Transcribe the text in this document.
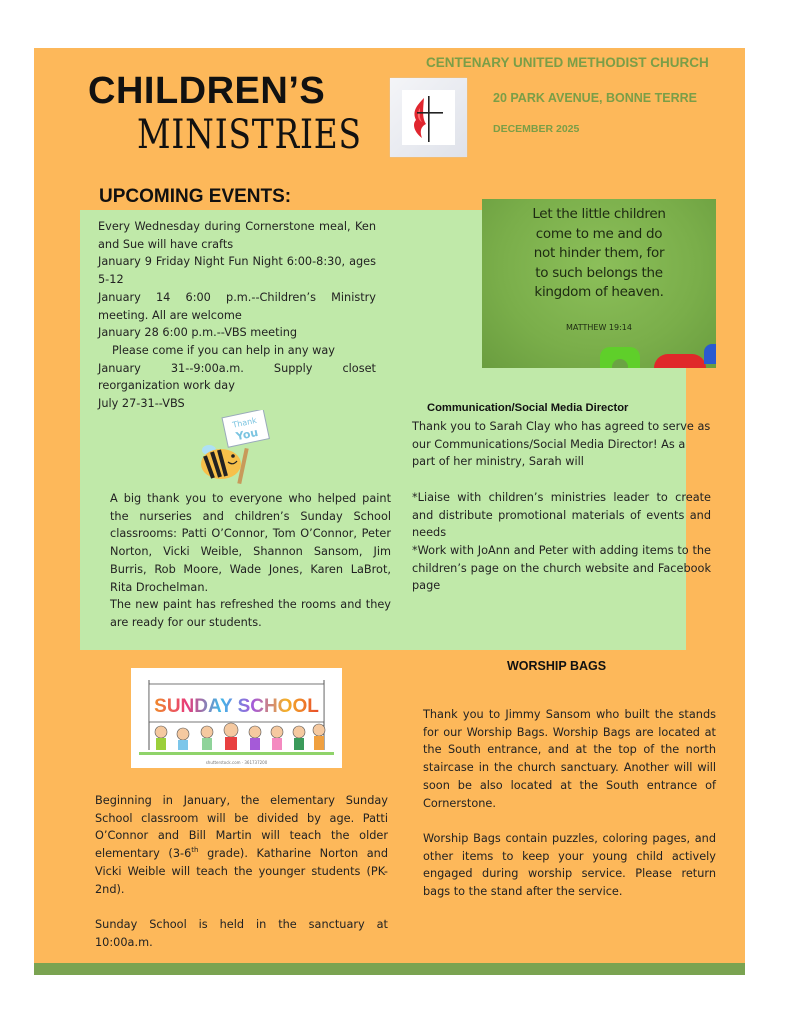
CHILDREN’S
MINISTRIES
CENTENARY UNITED METHODIST CHURCH
20 PARK AVENUE, BONNE TERRE
DECEMBER 2025
UPCOMING EVENTS:
Every Wednesday during Cornerstone meal, Ken and Sue will have crafts
January 9 Friday Night Fun Night 6:00-8:30, ages 5-12
January 14 6:00 p.m.--Children’s Ministry meeting. All are welcome
January 28 6:00 p.m.--VBS meeting
Please come if you can help in any way
January 31--9:00a.m. Supply closet reorganization work day
July 27-31--VBS
Let the little children
come to me and do
not hinder them, for
to such belongs the
kingdom of heaven.
MATTHEW 19:14
Thank
You

A big thank you to everyone who helped paint the nurseries and children’s Sunday School classrooms: Patti O’Connor, Tom O’Connor, Peter Norton, Vicki Weible, Shannon Sansom, Jim Burris, Rob Moore, Wade Jones, Karen LaBrot, Rita Drochelman.

The new paint has refreshed the rooms and they are ready for our students.

Communication/Social Media Director

Thank you to Sarah Clay who has agreed to serve as our Communications/Social Media Director! As a part of her ministry, Sarah will

*Liaise with children’s ministries leader to create and distribute promotional materials of events and needs

*Work with JoAnn and Peter with adding items to the children’s page on the church website and Facebook page

SUNDAY SCHOOL
shutterstock.com · 361737200

Beginning in January, the elementary Sunday School classroom will be divided by age. Patti O’Connor and Bill Martin will teach the older elementary (3-6th grade). Katharine Norton and Vicki Weible will teach the younger students (PK-2nd).

Sunday School is held in the sanctuary at 10:00a.m.

WORSHIP BAGS

Thank you to Jimmy Sansom who built the stands for our Worship Bags. Worship Bags are located at the South entrance, and at the top of the north staircase in the church sanctuary. Another will will soon be also located at the South entrance of Cornerstone.

Worship Bags contain puzzles, coloring pages, and other items to keep your young child actively engaged during worship service. Please return bags to the stand after the service.
